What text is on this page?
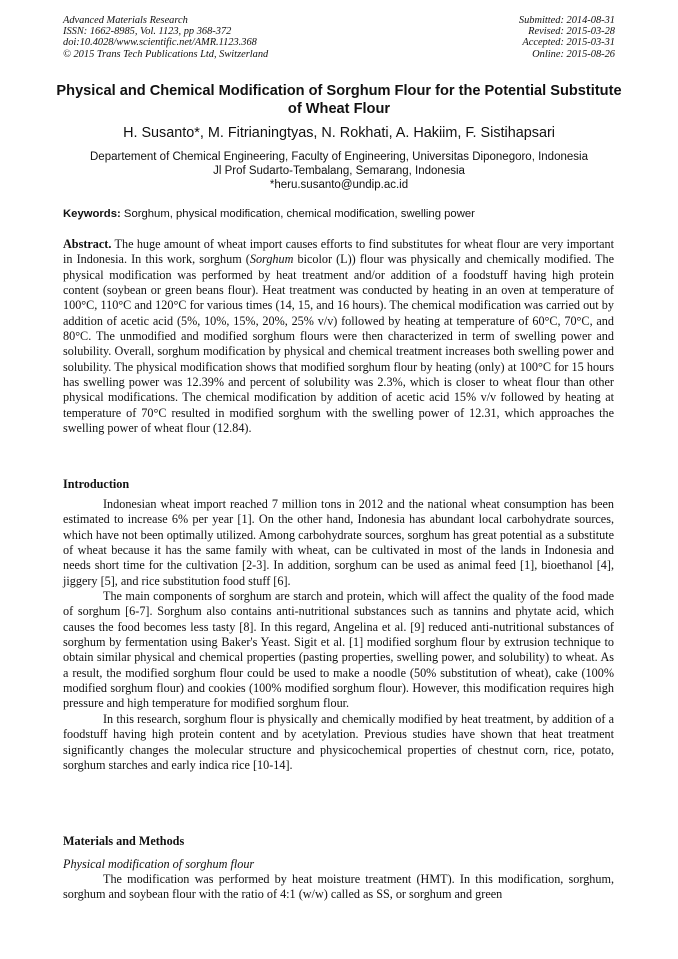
Advanced Materials Research
ISSN: 1662-8985, Vol. 1123, pp 368-372
doi:10.4028/www.scientific.net/AMR.1123.368
© 2015 Trans Tech Publications Ltd, Switzerland
Submitted: 2014-08-31
Revised: 2015-03-28
Accepted: 2015-03-31
Online: 2015-08-26
Physical and Chemical Modification of Sorghum Flour for the Potential Substitute of Wheat Flour
H. Susanto*, M. Fitrianingtyas, N. Rokhati, A. Hakiim, F. Sistihapsari
Departement of Chemical Engineering, Faculty of Engineering, Universitas Diponegoro, Indonesia
Jl Prof Sudarto-Tembalang, Semarang, Indonesia
*heru.susanto@undip.ac.id
Keywords: Sorghum, physical modification, chemical modification, swelling power

Abstract. The huge amount of wheat import causes efforts to find substitutes for wheat flour are very important in Indonesia. In this work, sorghum (Sorghum bicolor (L)) flour was physically and chemically modified. The physical modification was performed by heat treatment and/or addition of a foodstuff having high protein content (soybean or green beans flour). Heat treatment was conducted by heating in an oven at temperature of 100°C, 110°C and 120°C for various times (14, 15, and 16 hours). The chemical modification was carried out by addition of acetic acid (5%, 10%, 15%, 20%, 25% v/v) followed by heating at temperature of 60°C, 70°C, and 80°C. The unmodified and modified sorghum flours were then characterized in term of swelling power and solubility. Overall, sorghum modification by physical and chemical treatment increases both swelling power and solubility. The physical modification shows that modified sorghum flour by heating (only) at 100°C for 15 hours has swelling power was 12.39% and percent of solubility was 2.3%, which is closer to wheat flour than other physical modifications. The chemical modification by addition of acetic acid 15% v/v followed by heating at temperature of 70°C resulted in modified sorghum with the swelling power of 12.31, which approaches the swelling power of wheat flour (12.84).

Introduction

Indonesian wheat import reached 7 million tons in 2012 and the national wheat consumption has been estimated to increase 6% per year [1]. On the other hand, Indonesia has abundant local carbohydrate sources, which have not been optimally utilized. Among carbohydrate sources, sorghum has great potential as a substitute of wheat because it has the same family with wheat, can be cultivated in most of the lands in Indonesia and needs short time for the cultivation [2-3]. In addition, sorghum can be used as animal feed [1], bioethanol [4], jiggery [5], and rice substitution food stuff [6].

The main components of sorghum are starch and protein, which will affect the quality of the food made of sorghum [6-7]. Sorghum also contains anti-nutritional substances such as tannins and phytate acid, which causes the food becomes less tasty [8]. In this regard, Angelina et al. [9] reduced anti-nutritional substances of sorghum by fermentation using Baker's Yeast. Sigit et al. [1] modified sorghum flour by extrusion technique to obtain similar physical and chemical properties (pasting properties, swelling power, and solubility) to wheat. As a result, the modified sorghum flour could be used to make a noodle (50% substitution of wheat), cake (100% modified sorghum flour) and cookies (100% modified sorghum flour). However, this modification requires high pressure and high temperature for modified sorghum flour.

In this research, sorghum flour is physically and chemically modified by heat treatment, by addition of a foodstuff having high protein content and by acetylation. Previous studies have shown that heat treatment significantly changes the molecular structure and physicochemical properties of chestnut corn, rice, potato, sorghum starches and early indica rice [10-14].

Materials and Methods
Physical modification of sorghum flour

The modification was performed by heat moisture treatment (HMT). In this modification, sorghum, sorghum and soybean flour with the ratio of 4:1 (w/w) called as SS, or sorghum and green
